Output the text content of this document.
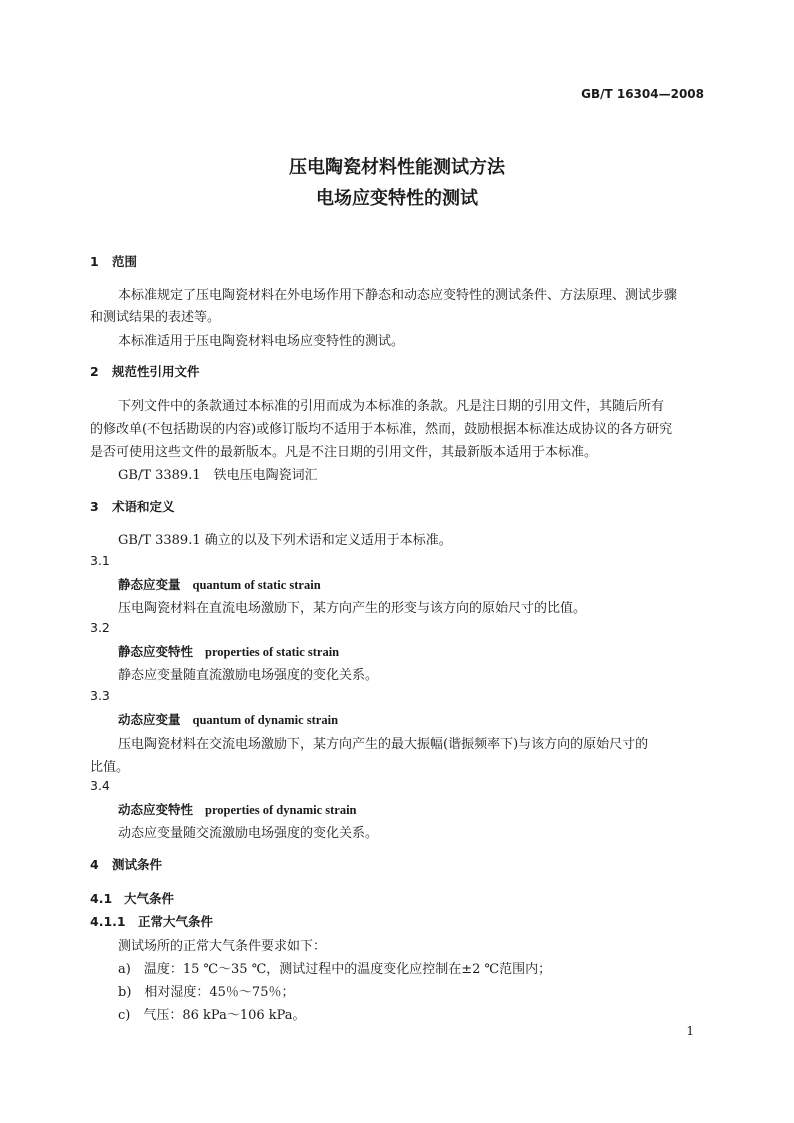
GB/T 16304—2008
压电陶瓷材料性能测试方法
电场应变特性的测试
1 范围
本标准规定了压电陶瓷材料在外电场作用下静态和动态应变特性的测试条件、方法原理、测试步骤
和测试结果的表述等。
本标准适用于压电陶瓷材料电场应变特性的测试。
2 规范性引用文件
下列文件中的条款通过本标准的引用而成为本标准的条款。凡是注日期的引用文件，其随后所有
的修改单(不包括勘误的内容)或修订版均不适用于本标准，然而，鼓励根据本标准达成协议的各方研究
是否可使用这些文件的最新版本。凡是不注日期的引用文件，其最新版本适用于本标准。
GB/T 3389.1　铁电压电陶瓷词汇
3 术语和定义
GB/T 3389.1 确立的以及下列术语和定义适用于本标准。
3.1
静态应变量 quantum of static strain
压电陶瓷材料在直流电场激励下，某方向产生的形变与该方向的原始尺寸的比值。
3.2
静态应变特性 properties of static strain
静态应变量随直流激励电场强度的变化关系。
3.3
动态应变量 quantum of dynamic strain
压电陶瓷材料在交流电场激励下，某方向产生的最大振幅(谐振频率下)与该方向的原始尺寸的
比值。
3.4
动态应变特性 properties of dynamic strain
动态应变量随交流激励电场强度的变化关系。
4 测试条件
4.1 大气条件
4.1.1 正常大气条件
测试场所的正常大气条件要求如下：
a)　温度：15 ℃～35 ℃，测试过程中的温度变化应控制在±2 ℃范围内；
b)　相对湿度：45％～75％；
c)　气压：86 kPa～106 kPa。
1
